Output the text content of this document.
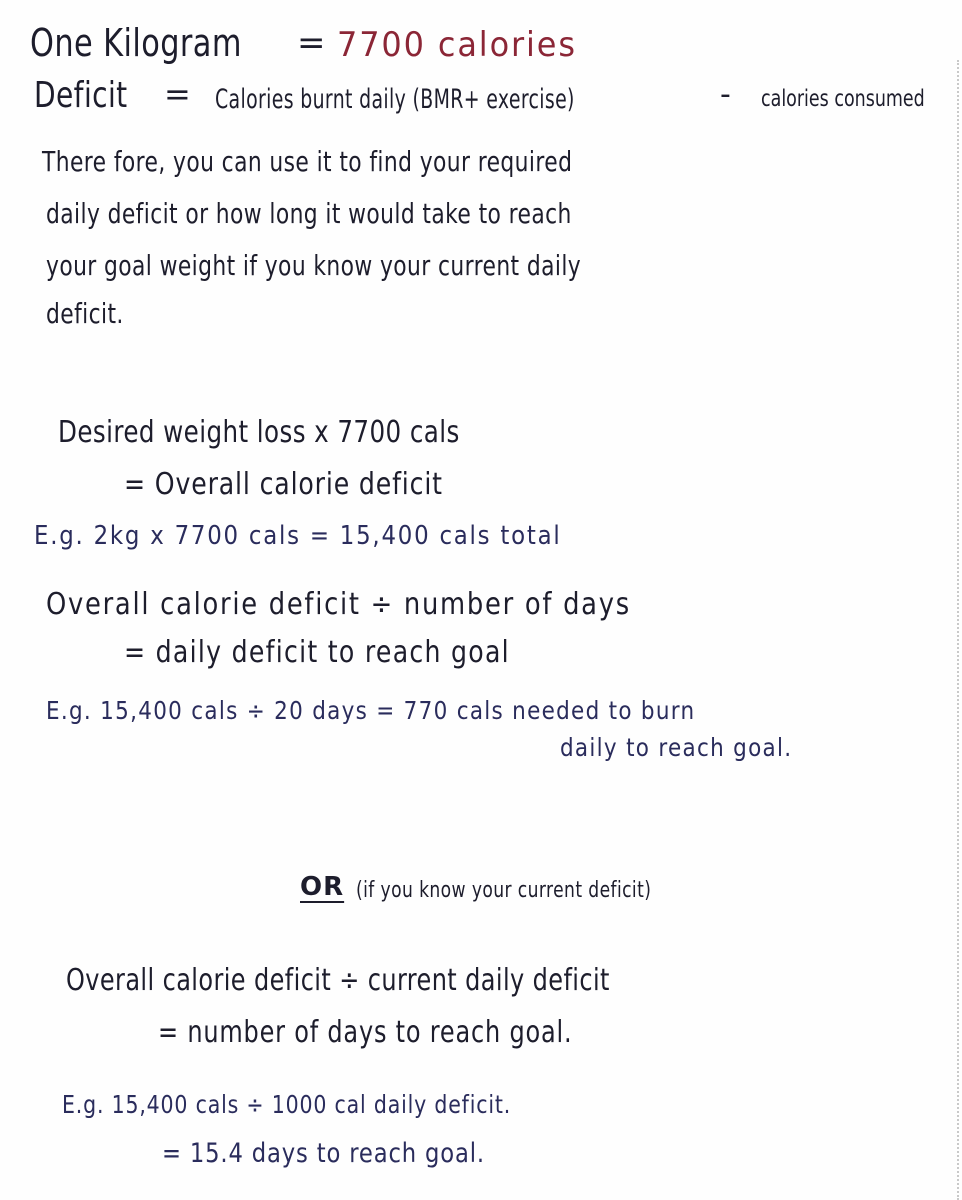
One Kilogram = 7700 calories
Deficit = Calories burnt daily (BMR+ exercise)	- calories consumed
There fore, you can use it to find your required
daily deficit or how long it would take to reach
your goal weight if you know your current daily
deficit.
Desired weight loss x 7700 cals
= Overall calorie deficit
E.g. 2kg x 7700 cals = 15,400 cals total
Overall calorie deficit ÷ number of days
= daily deficit to reach goal
E.g. 15,400 cals ÷ 20 days = 770 cals needed to burn
daily to reach goal.
OR (if you know your current deficit)
Overall calorie deficit ÷ current daily deficit
= number of days to reach goal.
E.g. 15,400 cals ÷ 1000 cal daily deficit.
= 15.4 days to reach goal.
